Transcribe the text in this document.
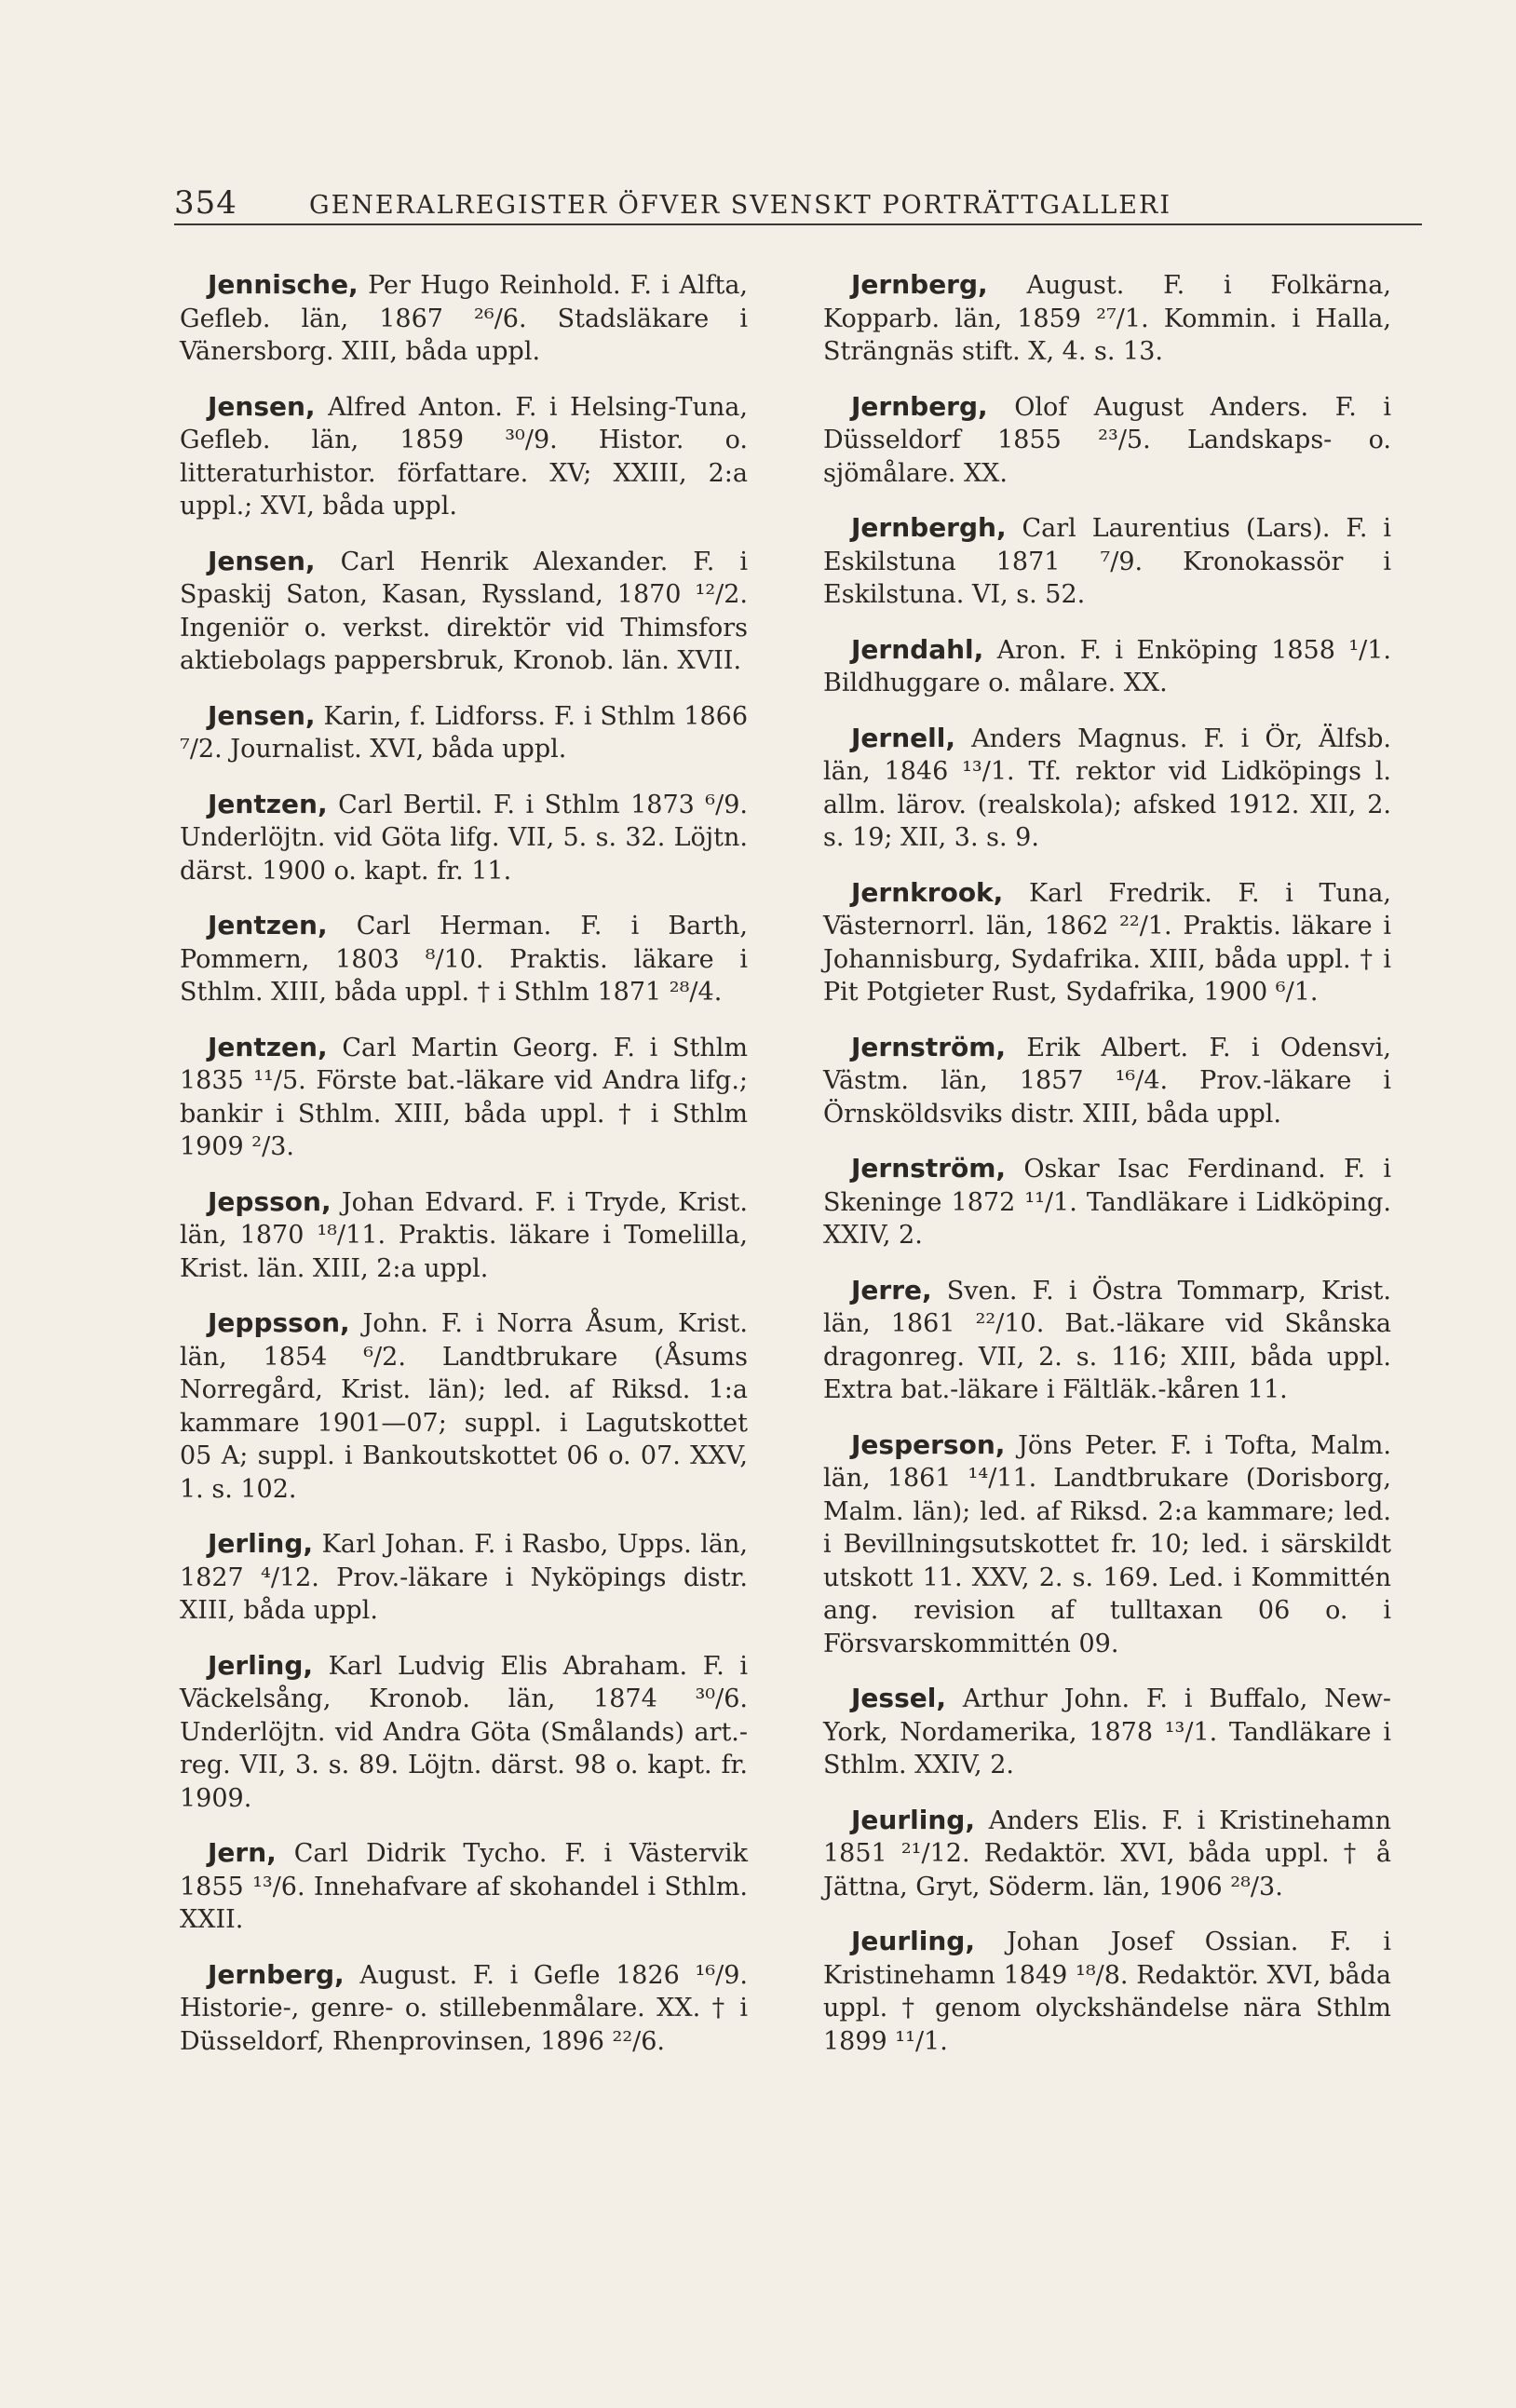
354	GENERALREGISTER ÖFVER SVENSKT PORTRÄTTGALLERI

Jennische, Per Hugo Reinhold. F. i Alfta, Gefleb. län, 1867 ²⁶/6. Stadsläkare i Vänersborg. XIII, båda uppl.

Jensen, Alfred Anton. F. i Helsing-Tuna, Gefleb. län, 1859 ³⁰/9. Histor. o. litteraturhistor. författare. XV; XXIII, 2:a uppl.; XVI, båda uppl.

Jensen, Carl Henrik Alexander. F. i Spaskij Saton, Kasan, Ryssland, 1870 ¹²/2. Ingeniör o. verkst. direktör vid Thimsfors aktiebolags pappersbruk, Kronob. län. XVII.

Jensen, Karin, f. Lidforss. F. i Sthlm 1866 ⁷/2. Journalist. XVI, båda uppl.

Jentzen, Carl Bertil. F. i Sthlm 1873 ⁶/9. Underlöjtn. vid Göta lifg. VII, 5. s. 32. Löjtn. därst. 1900 o. kapt. fr. 11.

Jentzen, Carl Herman. F. i Barth, Pommern, 1803 ⁸/10. Praktis. läkare i Sthlm. XIII, båda uppl. † i Sthlm 1871 ²⁸/4.

Jentzen, Carl Martin Georg. F. i Sthlm 1835 ¹¹/5. Förste bat.-läkare vid Andra lifg.; bankir i Sthlm. XIII, båda uppl. † i Sthlm 1909 ²/3.

Jepsson, Johan Edvard. F. i Tryde, Krist. län, 1870 ¹⁸/11. Praktis. läkare i Tomelilla, Krist. län. XIII, 2:a uppl.

Jeppsson, John. F. i Norra Åsum, Krist. län, 1854 ⁶/2. Landtbrukare (Åsums Norregård, Krist. län); led. af Riksd. 1:a kammare 1901—07; suppl. i Lagutskottet 05 A; suppl. i Bankoutskottet 06 o. 07. XXV, 1. s. 102.

Jerling, Karl Johan. F. i Rasbo, Upps. län, 1827 ⁴/12. Prov.-läkare i Nyköpings distr. XIII, båda uppl.

Jerling, Karl Ludvig Elis Abraham. F. i Väckelsång, Kronob. län, 1874 ³⁰/6. Underlöjtn. vid Andra Göta (Smålands) art.-reg. VII, 3. s. 89. Löjtn. därst. 98 o. kapt. fr. 1909.

Jern, Carl Didrik Tycho. F. i Västervik 1855 ¹³/6. Innehafvare af skohandel i Sthlm. XXII.

Jernberg, August. F. i Gefle 1826 ¹⁶/9. Historie-, genre- o. stillebenmålare. XX. † i Düsseldorf, Rhenprovinsen, 1896 ²²/6.

Jernberg, August. F. i Folkärna, Kopparb. län, 1859 ²⁷/1. Kommin. i Halla, Strängnäs stift. X, 4. s. 13.

Jernberg, Olof August Anders. F. i Düsseldorf 1855 ²³/5. Landskaps- o. sjömålare. XX.

Jernbergh, Carl Laurentius (Lars). F. i Eskilstuna 1871 ⁷/9. Kronokassör i Eskilstuna. VI, s. 52.

Jerndahl, Aron. F. i Enköping 1858 ¹/1. Bildhuggare o. målare. XX.

Jernell, Anders Magnus. F. i Ör, Älfsb. län, 1846 ¹³/1. Tf. rektor vid Lidköpings l. allm. lärov. (realskola); afsked 1912. XII, 2. s. 19; XII, 3. s. 9.

Jernkrook, Karl Fredrik. F. i Tuna, Västernorrl. län, 1862 ²²/1. Praktis. läkare i Johannisburg, Sydafrika. XIII, båda uppl. † i Pit Potgieter Rust, Sydafrika, 1900 ⁶/1.

Jernström, Erik Albert. F. i Odensvi, Västm. län, 1857 ¹⁶/4. Prov.-läkare i Örnsköldsviks distr. XIII, båda uppl.

Jernström, Oskar Isac Ferdinand. F. i Skeninge 1872 ¹¹/1. Tandläkare i Lidköping. XXIV, 2.

Jerre, Sven. F. i Östra Tommarp, Krist. län, 1861 ²²/10. Bat.-läkare vid Skånska dragonreg. VII, 2. s. 116; XIII, båda uppl. Extra bat.-läkare i Fältläk.-kåren 11.

Jesperson, Jöns Peter. F. i Tofta, Malm. län, 1861 ¹⁴/11. Landtbrukare (Dorisborg, Malm. län); led. af Riksd. 2:a kammare; led. i Bevillningsutskottet fr. 10; led. i särskildt utskott 11. XXV, 2. s. 169. Led. i Kommittén ang. revision af tulltaxan 06 o. i Försvarskommittén 09.

Jessel, Arthur John. F. i Buffalo, New-York, Nordamerika, 1878 ¹³/1. Tandläkare i Sthlm. XXIV, 2.

Jeurling, Anders Elis. F. i Kristinehamn 1851 ²¹/12. Redaktör. XVI, båda uppl. † å Jättna, Gryt, Söderm. län, 1906 ²⁸/3.

Jeurling, Johan Josef Ossian. F. i Kristinehamn 1849 ¹⁸/8. Redaktör. XVI, båda uppl. † genom olyckshändelse nära Sthlm 1899 ¹¹/1.
